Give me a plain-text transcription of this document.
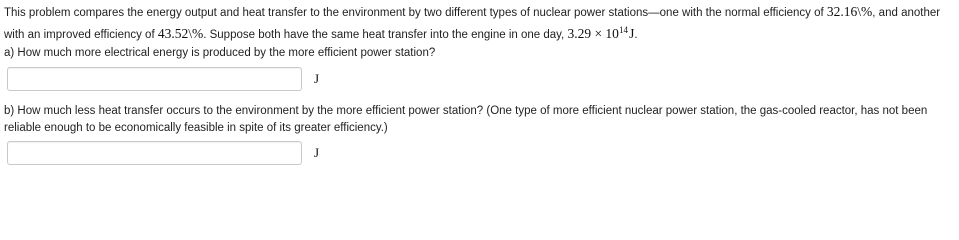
This problem compares the energy output and heat transfer to the environment by two different types of nuclear power stations—one with the normal efficiency of 32.16\%, and another with an improved efficiency of 43.52\%. Suppose both have the same heat transfer into the engine in one day, $3.29 \times 10^{14}$ J.
a) How much more electrical energy is produced by the more efficient power station?
J
b) How much less heat transfer occurs to the environment by the more efficient power station? (One type of more efficient nuclear power station, the gas-cooled reactor, has not been reliable enough to be economically feasible in spite of its greater efficiency.)
J
